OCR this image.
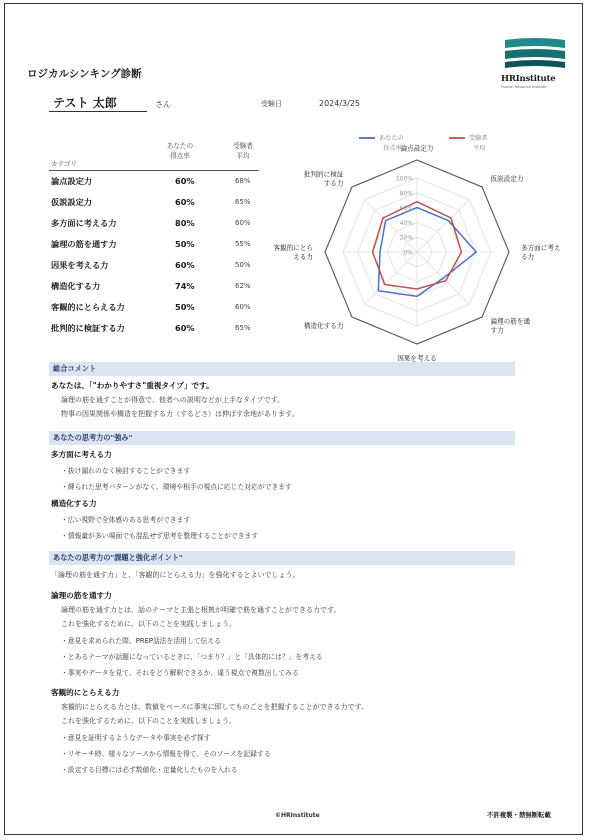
ロジカルシンキング診断	HRInstitute
Human Resource Institute
テスト 太郎	さん	受験日	2024/3/25
カテゴリ
あなたの
得点率
受験者
平均
論点設定力	60%	68%
仮説設定力	60%	65%
多方面に考える力	80%	60%
論理の筋を通す力	50%	55%
因果を考える力	60%	50%
構造化する力	74%	62%
客観的にとらえる力	50%	60%
批判的に検証する力	60%	65%
0%
20%
40%
60%
80%
100%
論点設定力
仮説設定力
多方面に考え
る力
論理の筋を通
す力
因果を考える
構造化する力
客観的にとら
える力
批判的に検証
する力
あなたの
得点率
受験者
平均
総合コメント
あなたは、「"わかりやすさ"重視タイプ」です。
論理の筋を通すことが得意で、他者への説明などが上手なタイプです。
物事の因果関係や構造を把握する力（するどさ）は伸ばす余地があります。
あなたの思考力の"強み"
多方面に考える力
・抜け漏れのなく検討することができます
・縛られた思考パターンがなく、環境や相手の視点に応じた対応ができます
構造化する力
・広い視野で全体感のある思考ができます
・情報量が多い場面でも混乱せず思考を整理することができます
あなたの思考力の"課題と強化ポイント"
「論理の筋を通す力」と、「客観的にとらえる力」を強化するとよいでしょう。
論理の筋を通す力
論理の筋を通す力とは、話のテーマと主張と根拠が明確で筋を通すことができる力です。
これを強化するために、以下のことを実践しましょう。
・意見を求められた際、PREP話法を活用して伝える
・とあるテーマが話題になっているときに、「つまり？」と「具体的には？」を考える
・事実やデータを見て、それをどう解釈できるか、違う視点で複数出してみる
客観的にとらえる力
客観的にとらえる力とは、数値をベースに事実に即してものごとを把握することができる力です。
これを強化するために、以下のことを実践しましょう。
・意見を証明するようなデータや事実を必ず探す
・リサーチ時、様々なソースから情報を得て、そのソースを記録する
・設定する目標には必ず数値化・定量化したものを入れる
©HRInstitute	不許複製・禁無断転載
